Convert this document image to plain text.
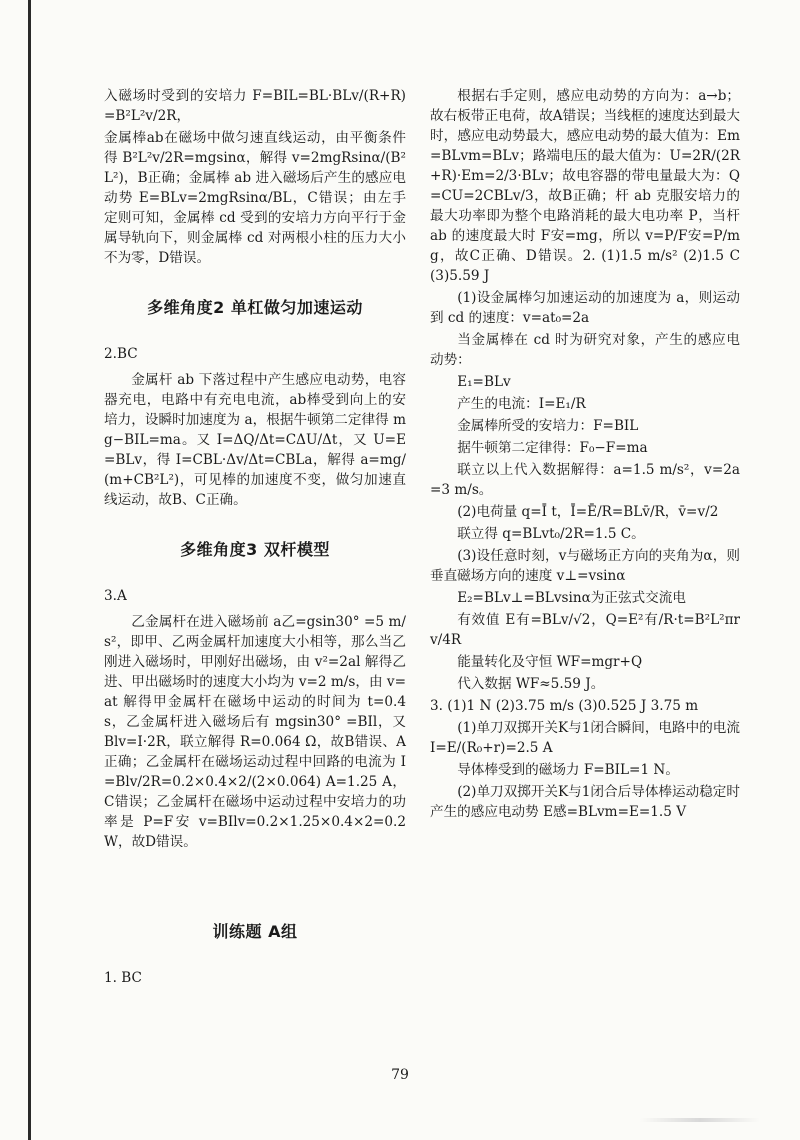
入磁场时受到的安培力 F=BIL=BL·BLv/(R+R)=B²L²v/2R，

金属棒ab在磁场中做匀速直线运动，由平衡条件得 B²L²v/2R=mgsinα，解得 v=2mgRsinα/(B²L²)，B正确；金属棒 ab 进入磁场后产生的感应电动势 E=BLv=2mgRsinα/BL，C错误；由左手定则可知，金属棒 cd 受到的安培力方向平行于金属导轨向下，则金属棒 cd 对两根小柱的压力大小不为零，D错误。

多维角度2 单杠做匀加速运动

2.BC

金属杆 ab 下落过程中产生感应电动势，电容器充电，电路中有充电电流，ab棒受到向上的安培力，设瞬时加速度为 a，根据牛顿第二定律得 mg−BIL=ma。又 I=ΔQ/Δt=CΔU/Δt，又 U=E=BLv，得 I=CBL·Δv/Δt=CBLa，解得 a=mg/(m+CB²L²)，可见棒的加速度不变，做匀加速直线运动，故B、C正确。

多维角度3 双杆模型

3.A

乙金属杆在进入磁场前 a乙=gsin30° =5 m/s²，即甲、乙两金属杆加速度大小相等，那么当乙刚进入磁场时，甲刚好出磁场，由 v²=2al 解得乙进、甲出磁场时的速度大小均为 v=2 m/s，由 v=at 解得甲金属杆在磁场中运动的时间为 t=0.4 s，乙金属杆进入磁场后有 mgsin30° =BIl，又 Blv=I·2R，联立解得 R=0.064 Ω，故B错误、A正确；乙金属杆在磁场运动过程中回路的电流为 I=Blv/2R=0.2×0.4×2/(2×0.064) A=1.25 A，C错误；乙金属杆在磁场中运动过程中安培力的功率是 P=F安 v=BIlv=0.2×1.25×0.4×2=0.2 W，故D错误。

训练题 A组

1. BC

根据右手定则，感应电动势的方向为：a→b；故右板带正电荷，故A错误；当线框的速度达到最大时，感应电动势最大，感应电动势的最大值为：Em=BLvm=BLv；路端电压的最大值为：U=2R/(2R+R)·Em=2/3·BLv；故电容器的带电量最大为：Q=CU=2CBLv/3，故B正确；杆 ab 克服安培力的最大功率即为整个电路消耗的最大电功率 P，当杆 ab 的速度最大时 F安=mg，所以 v=P/F安=P/mg，故C正确、D错误。2. (1)1.5 m/s² (2)1.5 C (3)5.59 J

(1)设金属棒匀加速运动的加速度为 a，则运动到 cd 的速度：v=at₀=2a

当金属棒在 cd 时为研究对象，产生的感应电动势：

E₁=BLv

产生的电流：I=E₁/R

金属棒所受的安培力：F=BIL

据牛顿第二定律得：F₀−F=ma

联立以上代入数据解得：a=1.5 m/s²，v=2a=3 m/s。

(2)电荷量 q=Ī t，Ī=Ē/R=BLv̄/R，v̄=v/2

联立得 q=BLvt₀/2R=1.5 C。

(3)设任意时刻，v与磁场正方向的夹角为α，则垂直磁场方向的速度 v⊥=vsinα

E₂=BLv⊥=BLvsinα为正弦式交流电

有效值 E有=BLv/√2，Q=E²有/R·t=B²L²πrv/4R

能量转化及守恒 WF=mgr+Q

代入数据 WF≈5.59 J。

3. (1)1 N (2)3.75 m/s (3)0.525 J 3.75 m

(1)单刀双掷开关K与1闭合瞬间，电路中的电流 I=E/(R₀+r)=2.5 A

导体棒受到的磁场力 F=BIL=1 N。

(2)单刀双掷开关K与1闭合后导体棒运动稳定时产生的感应电动势 E感=BLvm=E=1.5 V

79
